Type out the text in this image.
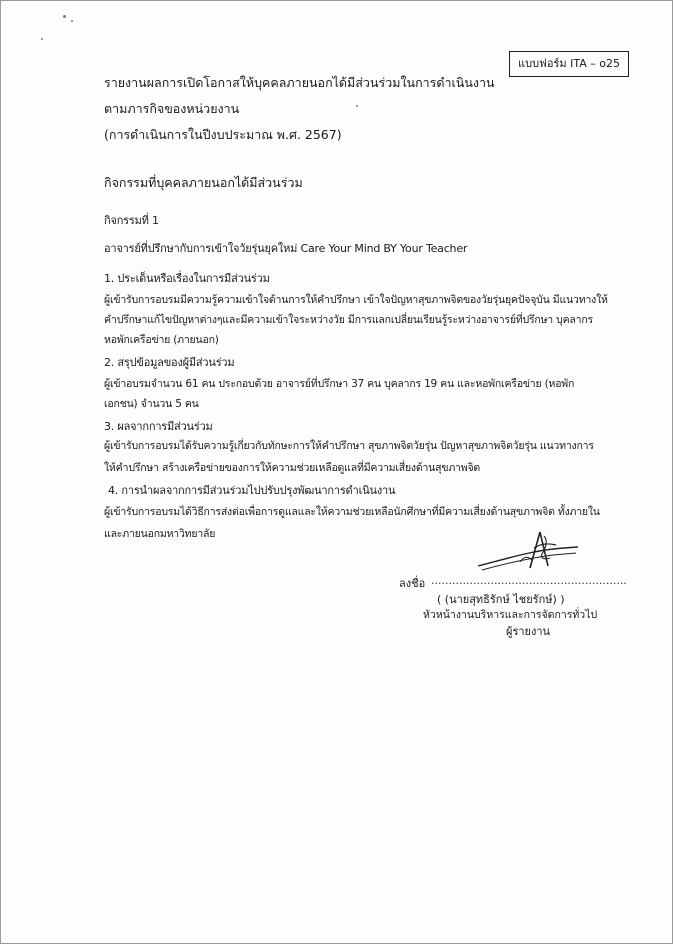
แบบฟอร์ม ITA – o25
รายงานผลการเปิดโอกาสให้บุคคลภายนอกได้มีส่วนร่วมในการดำเนินงาน
ตามภารกิจของหน่วยงาน
(การดำเนินการในปีงบประมาณ พ.ศ. 2567)
กิจกรรมที่บุคคลภายนอกได้มีส่วนร่วม
กิจกรรมที่ 1
อาจารย์ที่ปรึกษากับการเข้าใจวัยรุ่นยุคใหม่ Care Your Mind BY Your Teacher
1. ประเด็นหรือเรื่องในการมีส่วนร่วม
ผู้เข้ารับการอบรมมีความรู้ความเข้าใจด้านการให้คำปรึกษา เข้าใจปัญหาสุขภาพจิตของวัยรุ่นยุคปัจจุบัน มีแนวทางให้
คำปรึกษาแก้ไขปัญหาต่างๆและมีความเข้าใจระหว่างวัย มีการแลกเปลี่ยนเรียนรู้ระหว่างอาจารย์ที่ปรึกษา บุคลากร
หอพักเครือข่าย (ภายนอก)
2. สรุปข้อมูลของผู้มีส่วนร่วม
ผู้เข้าอบรมจำนวน 61 คน ประกอบด้วย อาจารย์ที่ปรึกษา 37 คน บุคลากร 19 คน และหอพักเครือข่าย (หอพัก
เอกชน) จำนวน 5 คน
3. ผลจากการมีส่วนร่วม
ผู้เข้ารับการอบรมได้รับความรู้เกี่ยวกับทักษะการให้คำปรึกษา สุขภาพจิตวัยรุ่น ปัญหาสุขภาพจิตวัยรุ่น แนวทางการ
ให้คำปรึกษา สร้างเครือข่ายของการให้ความช่วยเหลือดูแลที่มีความเสี่ยงด้านสุขภาพจิต
4. การนำผลจากการมีส่วนร่วมไปปรับปรุงพัฒนาการดำเนินงาน
ผู้เข้ารับการอบรมได้วิธีการส่งต่อเพื่อการดูแลและให้ความช่วยเหลือนักศึกษาที่มีความเสี่ยงด้านสุขภาพจิต ทั้งภายใน
และภายนอกมหาวิทยาลัย
ลงชื่อ ........................................................
( (นายสุทธิรักษ์ ไชยรักษ์) )
หัวหน้างานบริหารและการจัดการทั่วไป
ผู้รายงาน
